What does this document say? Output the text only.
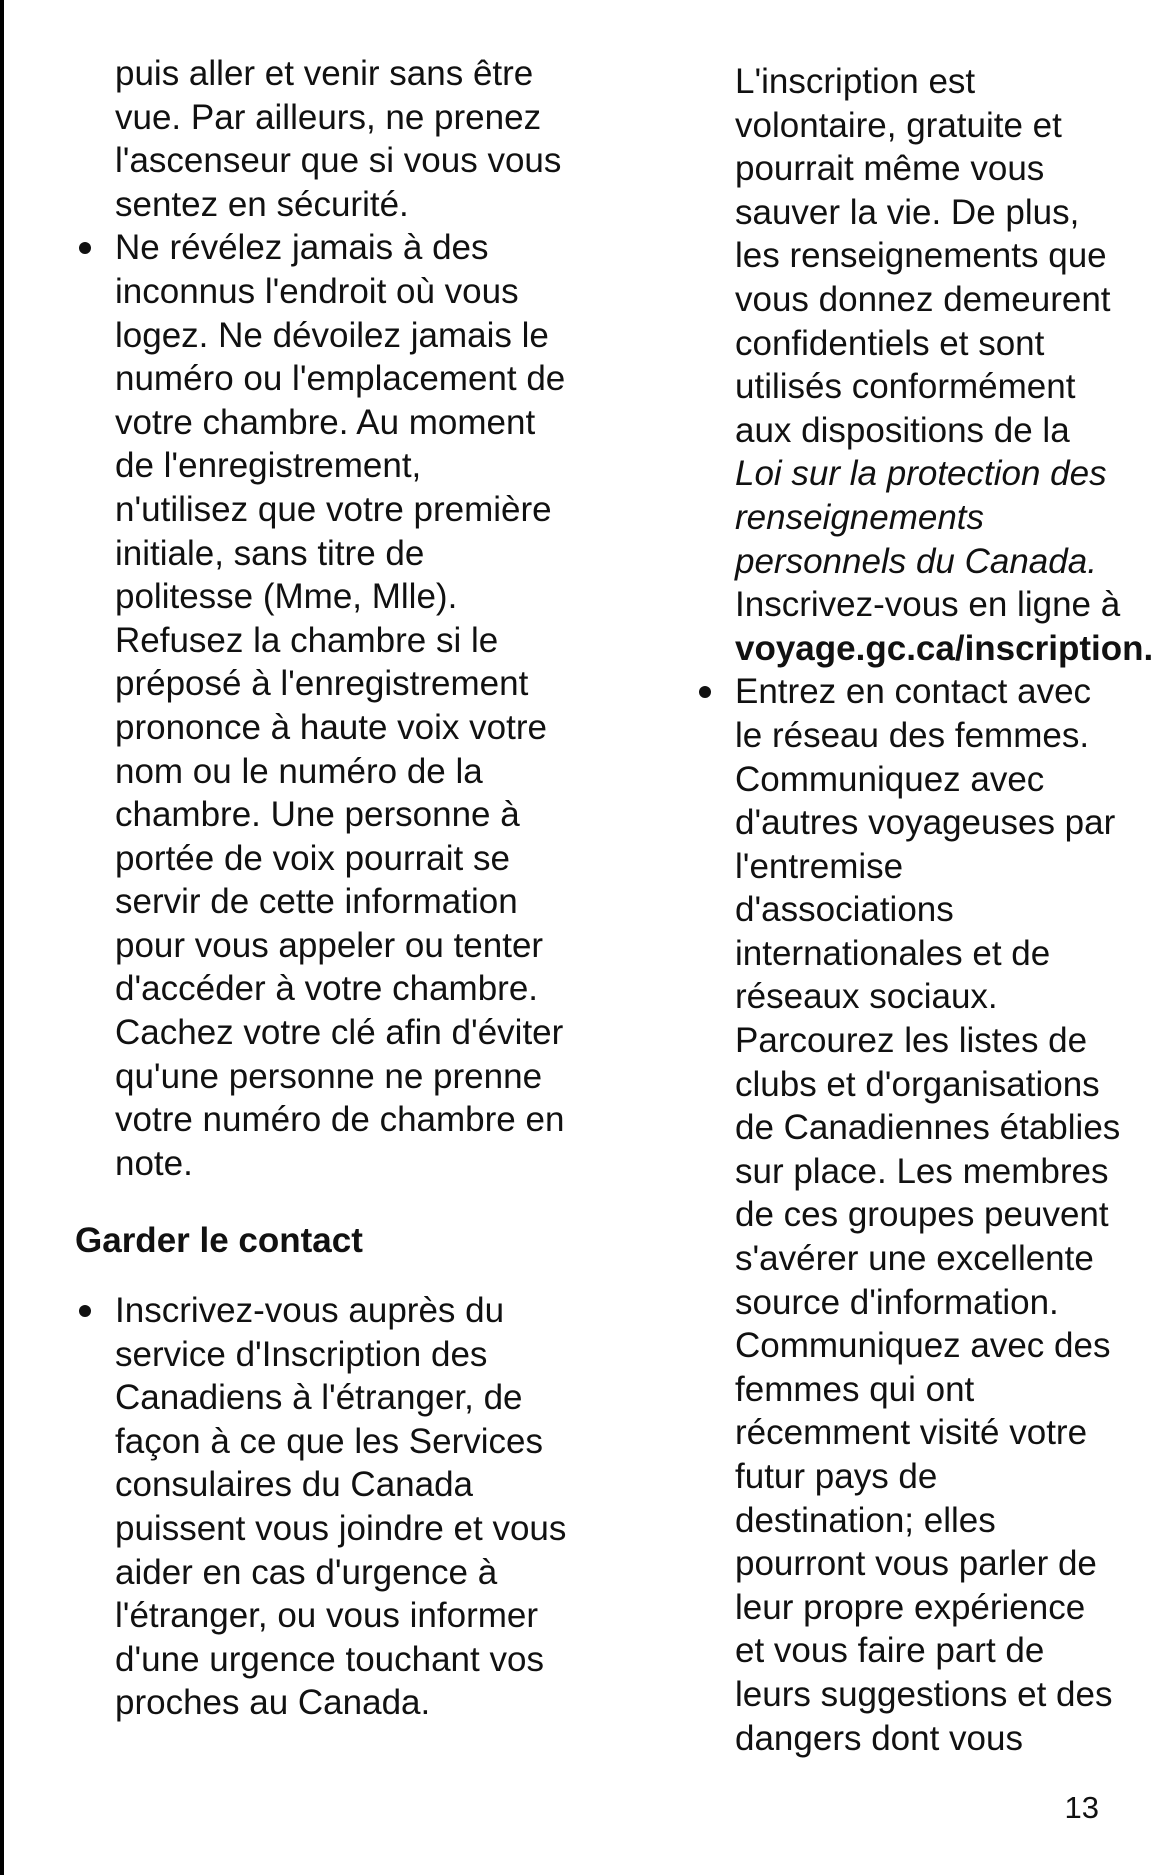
puis aller et venir sans être
vue. Par ailleurs, ne prenez
l'ascenseur que si vous vous
sentez en sécurité.
Ne révélez jamais à des
inconnus l'endroit où vous
logez. Ne dévoilez jamais le
numéro ou l'emplacement de
votre chambre. Au moment
de l'enregistrement,
n'utilisez que votre première
initiale, sans titre de
politesse (Mme, Mlle).
Refusez la chambre si le
préposé à l'enregistrement
prononce à haute voix votre
nom ou le numéro de la
chambre. Une personne à
portée de voix pourrait se
servir de cette information
pour vous appeler ou tenter
d'accéder à votre chambre.
Cachez votre clé afin d'éviter
qu'une personne ne prenne
votre numéro de chambre en
note.
Garder le contact
Inscrivez-vous auprès du
service d'Inscription des
Canadiens à l'étranger, de
façon à ce que les Services
consulaires du Canada
puissent vous joindre et vous
aider en cas d'urgence à
l'étranger, ou vous informer
d'une urgence touchant vos
proches au Canada.
L'inscription est
volontaire, gratuite et
pourrait même vous
sauver la vie. De plus,
les renseignements que
vous donnez demeurent
confidentiels et sont
utilisés conformément
aux dispositions de la
Loi sur la protection des
renseignements
personnels du Canada.
Inscrivez-vous en ligne à
voyage.gc.ca/inscription.
Entrez en contact avec
le réseau des femmes.
Communiquez avec
d'autres voyageuses par
l'entremise
d'associations
internationales et de
réseaux sociaux.
Parcourez les listes de
clubs et d'organisations
de Canadiennes établies
sur place. Les membres
de ces groupes peuvent
s'avérer une excellente
source d'information.
Communiquez avec des
femmes qui ont
récemment visité votre
futur pays de
destination; elles
pourront vous parler de
leur propre expérience
et vous faire part de
leurs suggestions et des
dangers dont vous
13
